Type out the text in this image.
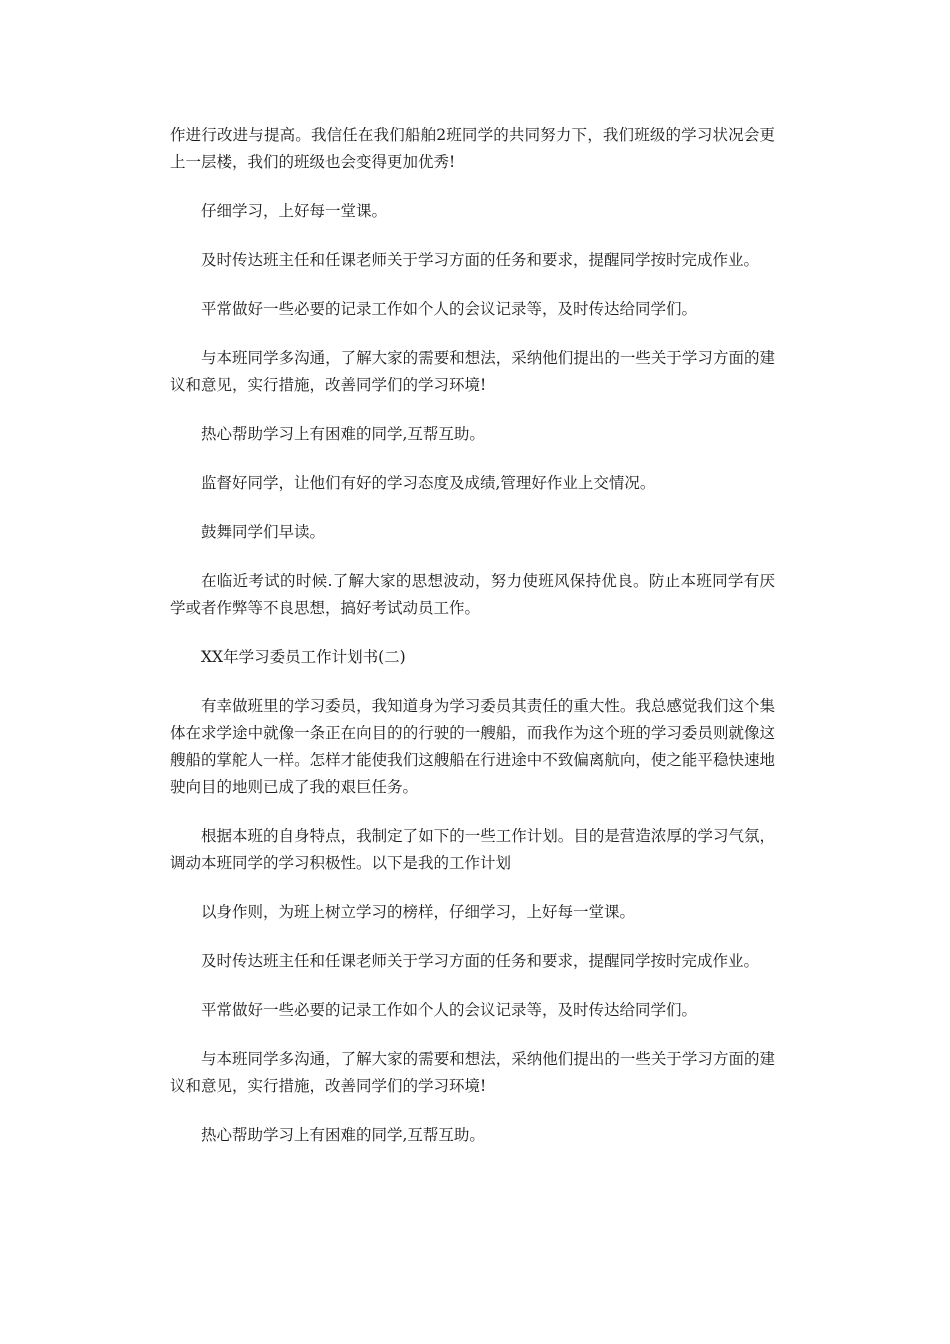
作进行改进与提高。我信任在我们船舶2班同学的共同努力下，我们班级的学习状况会更上一层楼，我们的班级也会变得更加优秀!

仔细学习，上好每一堂课。

及时传达班主任和任课老师关于学习方面的任务和要求，提醒同学按时完成作业。

平常做好一些必要的记录工作如个人的会议记录等，及时传达给同学们。

与本班同学多沟通，了解大家的需要和想法，采纳他们提出的一些关于学习方面的建议和意见，实行措施，改善同学们的学习环境!

热心帮助学习上有困难的同学,互帮互助。

监督好同学，让他们有好的学习态度及成绩,管理好作业上交情况。

鼓舞同学们早读。

在临近考试的时候.了解大家的思想波动，努力使班风保持优良。防止本班同学有厌学或者作弊等不良思想，搞好考试动员工作。

XX年学习委员工作计划书(二)

有幸做班里的学习委员，我知道身为学习委员其责任的重大性。我总感觉我们这个集体在求学途中就像一条正在向目的的行驶的一艘船，而我作为这个班的学习委员则就像这艘船的掌舵人一样。怎样才能使我们这艘船在行进途中不致偏离航向，使之能平稳快速地驶向目的地则已成了我的艰巨任务。

根据本班的自身特点，我制定了如下的一些工作计划。目的是营造浓厚的学习气氛，调动本班同学的学习积极性。以下是我的工作计划

以身作则，为班上树立学习的榜样，仔细学习，上好每一堂课。

及时传达班主任和任课老师关于学习方面的任务和要求，提醒同学按时完成作业。

平常做好一些必要的记录工作如个人的会议记录等，及时传达给同学们。

与本班同学多沟通，了解大家的需要和想法，采纳他们提出的一些关于学习方面的建议和意见，实行措施，改善同学们的学习环境!

热心帮助学习上有困难的同学,互帮互助。
